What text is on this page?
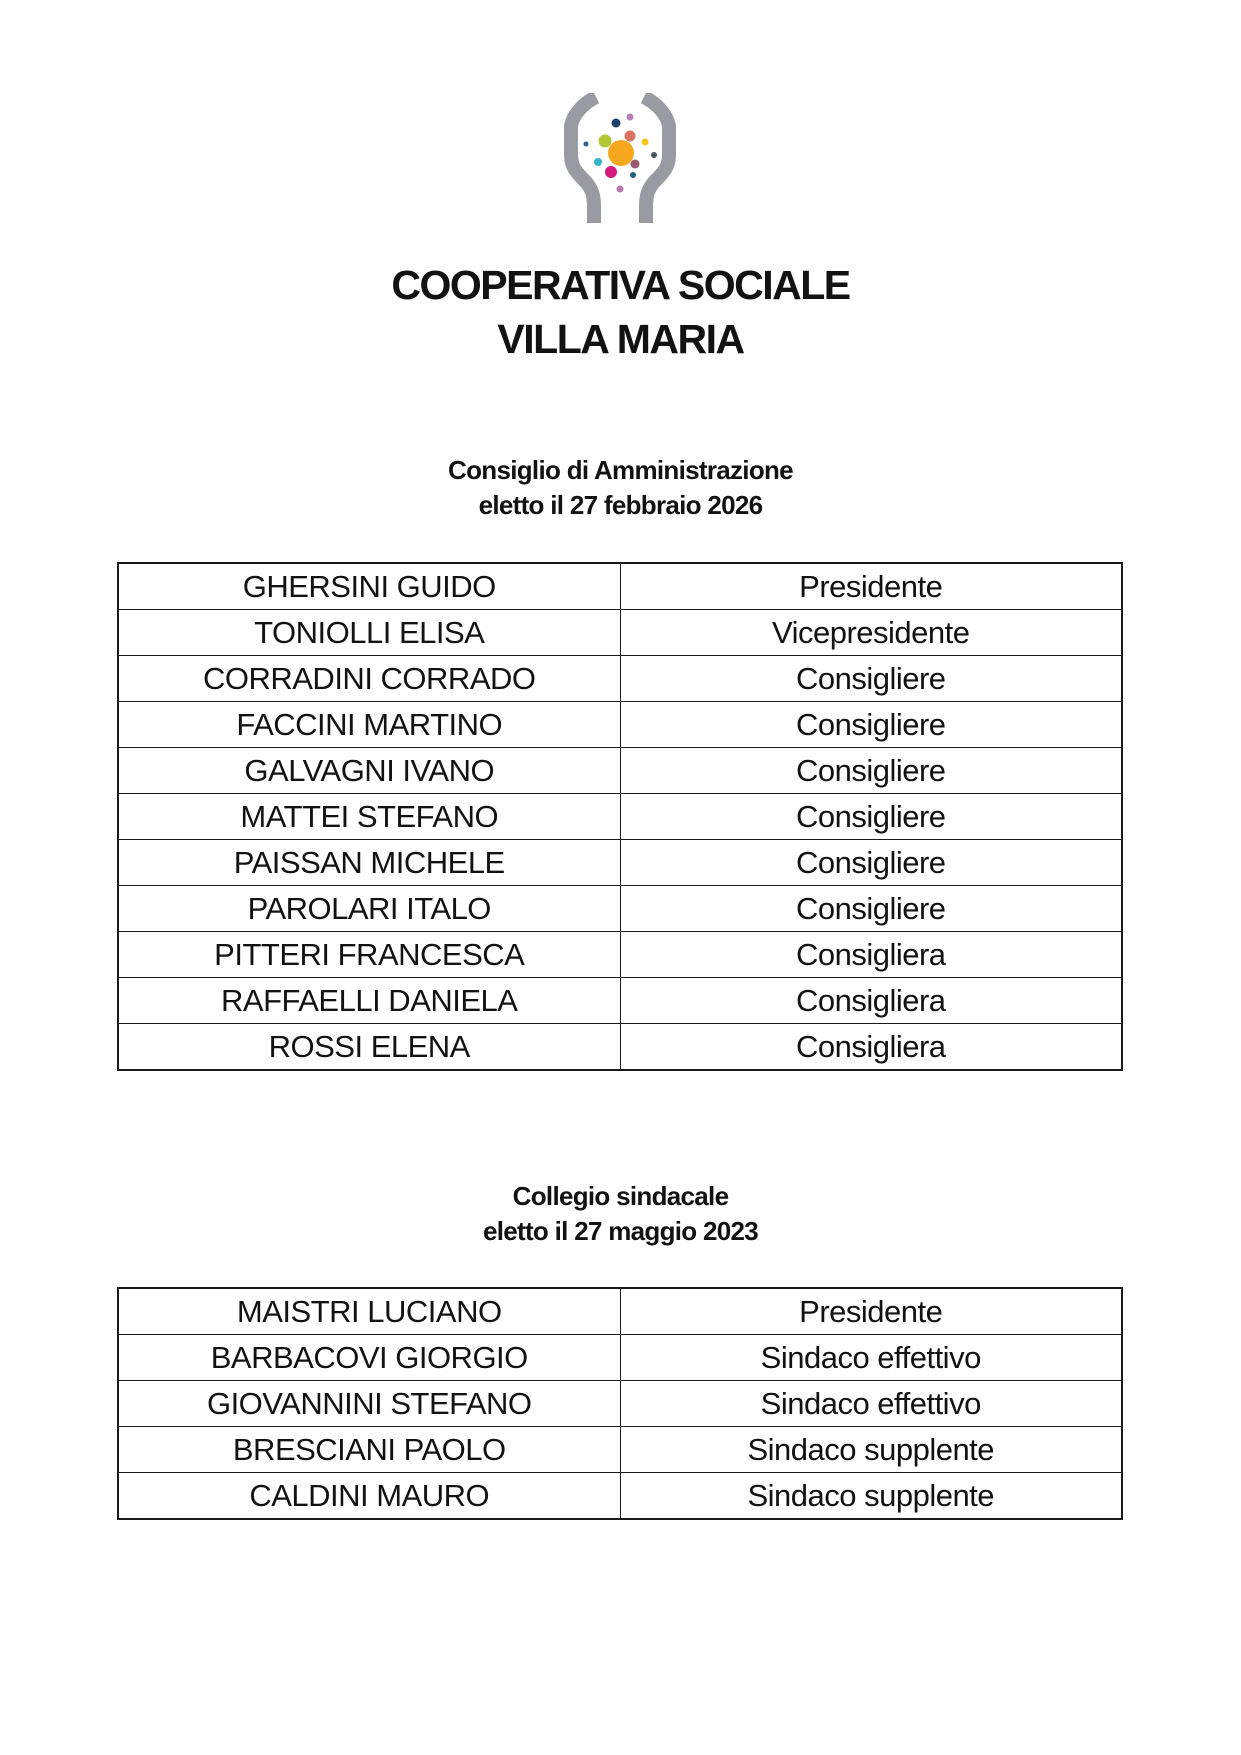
COOPERATIVA SOCIALE
VILLA MARIA
Consiglio di Amministrazione
eletto il 27 febbraio 2026
GHERSINI GUIDO	Presidente
TONIOLLI ELISA	Vicepresidente
CORRADINI CORRADO	Consigliere
FACCINI MARTINO	Consigliere
GALVAGNI IVANO	Consigliere
MATTEI STEFANO	Consigliere
PAISSAN MICHELE	Consigliere
PAROLARI ITALO	Consigliere
PITTERI FRANCESCA	Consigliera
RAFFAELLI DANIELA	Consigliera
ROSSI ELENA	Consigliera
Collegio sindacale
eletto il 27 maggio 2023
MAISTRI LUCIANO	Presidente
BARBACOVI GIORGIO	Sindaco effettivo
GIOVANNINI STEFANO	Sindaco effettivo
BRESCIANI PAOLO	Sindaco supplente
CALDINI MAURO	Sindaco supplente
